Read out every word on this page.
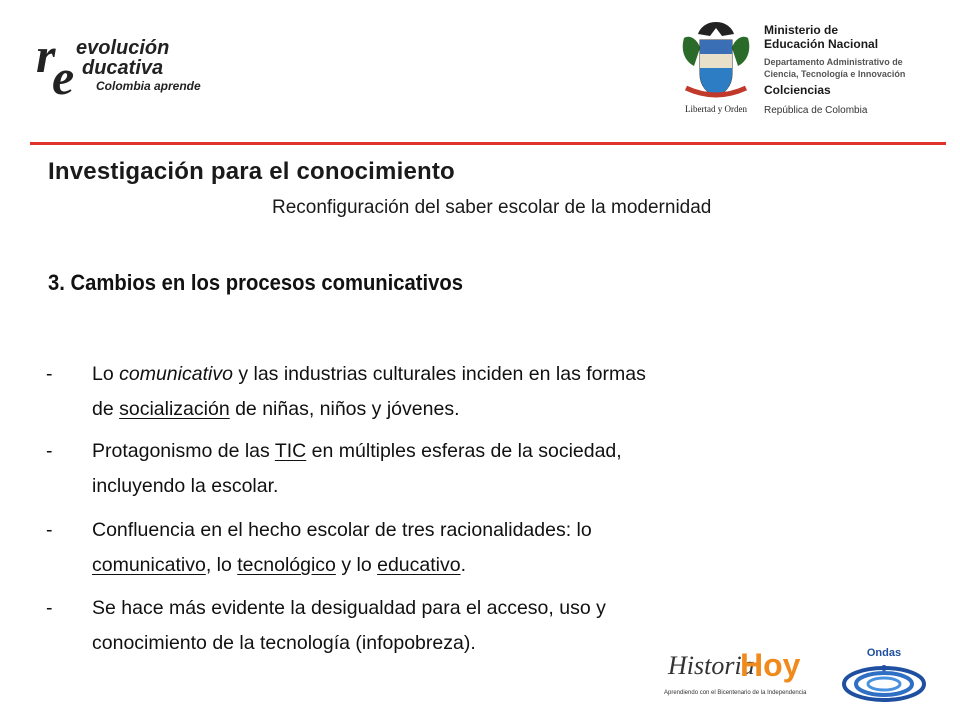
r
e
evolución
ducativa
Colombia aprende
Libertad y Orden
Ministerio de
Educación Nacional
Departamento Administrativo de
Ciencia, Tecnología e Innovación
Colciencias
República de Colombia
Investigación para el conocimiento
Reconfiguración del saber escolar de la modernidad
3. Cambios en los procesos comunicativos
- Lo comunicativo y las industrias culturales inciden en las formas de socialización de niñas, niños y jóvenes.
- Protagonismo de las TIC en múltiples esferas de la sociedad, incluyendo la escolar.
- Confluencia en el hecho escolar de tres racionalidades: lo comunicativo, lo tecnológico y lo educativo.
- Se hace más evidente la desigualdad para el acceso, uso y conocimiento de la tecnología (infopobreza).
Historia
Hoy
Aprendiendo con el Bicentenario de la Independencia
Ondas
